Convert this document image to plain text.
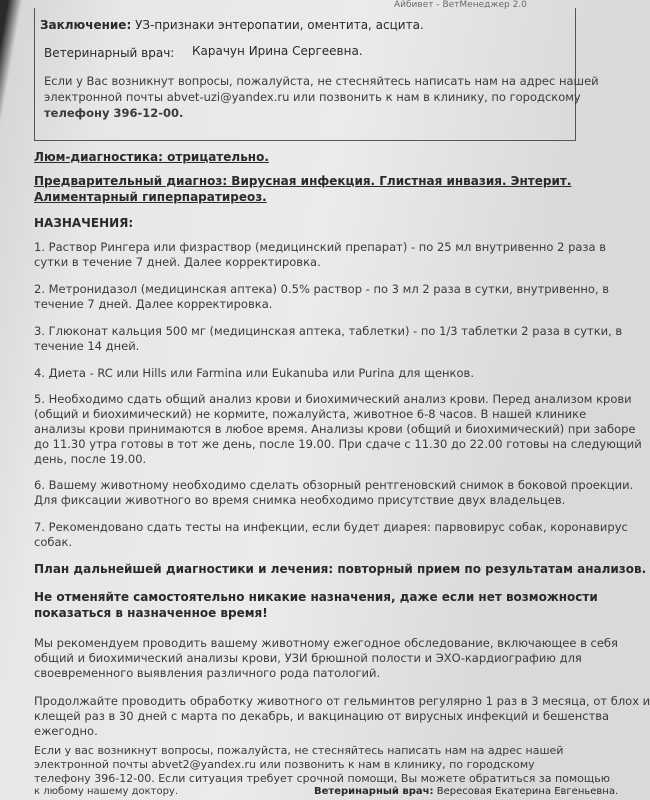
Айбивет - ВетМенеджер 2.0
Заключение: УЗ-признаки энтеропатии, оментита, асцита.
Ветеринарный врач: Карачун Ирина Сергеевна.
Если у Вас возникнут вопросы, пожалуйста, не стесняйтесь написать нам на адрес нашей
электронной почты abvet-uzi@yandex.ru или позвонить к нам в клинику, по городскому
телефону 396-12-00.
Люм-диагностика: отрицательно.
Предварительный диагноз: Вирусная инфекция. Глистная инвазия. Энтерит.
Алиментарный гиперпаратиреоз.
НАЗНАЧЕНИЯ:
1. Раствор Рингера или физраствор (медицинский препарат) - по 25 мл внутривенно 2 раза в
сутки в течение 7 дней. Далее корректировка.
2. Метронидазол (медицинская аптека) 0.5% раствор - по 3 мл 2 раза в сутки, внутривенно, в
течение 7 дней. Далее корректировка.
3. Глюконат кальция 500 мг (медицинская аптека, таблетки) - по 1/3 таблетки 2 раза в сутки, в
течение 14 дней.
4. Диета - RC или Hills или Farmina или Eukanuba или Purina для щенков.
5. Необходимо сдать общий анализ крови и биохимический анализ крови. Перед анализом крови
(общий и биохимический) не кормите, пожалуйста, животное 6-8 часов. В нашей клинике
анализы крови принимаются в любое время. Анализы крови (общий и биохимический) при заборе
до 11.30 утра готовы в тот же день, после 19.00. При сдаче с 11.30 до 22.00 готовы на следующий
день, после 19.00.
6. Вашему животному необходимо сделать обзорный рентгеновский снимок в боковой проекции.
Для фиксации животного во время снимка необходимо присутствие двух владельцев.
7. Рекомендовано сдать тесты на инфекции, если будет диарея: парвовирус собак, коронавирус
собак.
План дальнейшей диагностики и лечения: повторный прием по результатам анализов.
Не отменяйте самостоятельно никакие назначения, даже если нет возможности
показаться в назначенное время!
Мы рекомендуем проводить вашему животному ежегодное обследование, включающее в себя
общий и биохимический анализы крови, УЗИ брюшной полости и ЭХО-кардиографию для
своевременного выявления различного рода патологий.
Продолжайте проводить обработку животного от гельминтов регулярно 1 раз в 3 месяца, от блох и
клещей раз в 30 дней с марта по декабрь, и вакцинацию от вирусных инфекций и бешенства
ежегодно.
Если у вас возникнут вопросы, пожалуйста, не стесняйтесь написать нам на адрес нашей
электронной почты abvet2@yandex.ru или позвонить к нам в клинику, по городскому
телефону 396-12-00. Если ситуация требует срочной помощи, Вы можете обратиться за помощью
к любому нашему доктору.	Ветеринарный врач: Вересовая Екатерина Евгеньевна.
